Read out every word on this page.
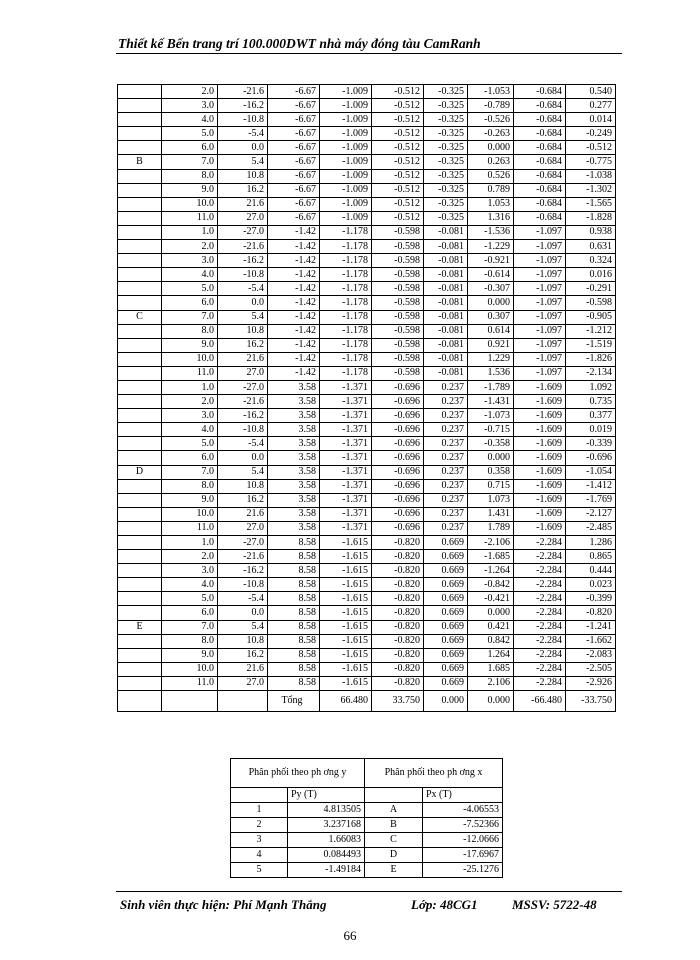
Thiết kế Bến trang trí 100.000DWT nhà máy đóng tàu CamRanh
	2.0	-21.6	-6.67	-1.009	-0.512	-0.325	-1.053	-0.684	0.540
	3.0	-16.2	-6.67	-1.009	-0.512	-0.325	-0.789	-0.684	0.277
	4.0	-10.8	-6.67	-1.009	-0.512	-0.325	-0.526	-0.684	0.014
	5.0	-5.4	-6.67	-1.009	-0.512	-0.325	-0.263	-0.684	-0.249
	6.0	0.0	-6.67	-1.009	-0.512	-0.325	0.000	-0.684	-0.512
B	7.0	5.4	-6.67	-1.009	-0.512	-0.325	0.263	-0.684	-0.775
	8.0	10.8	-6.67	-1.009	-0.512	-0.325	0.526	-0.684	-1.038
	9.0	16.2	-6.67	-1.009	-0.512	-0.325	0.789	-0.684	-1.302
	10.0	21.6	-6.67	-1.009	-0.512	-0.325	1.053	-0.684	-1.565
	11.0	27.0	-6.67	-1.009	-0.512	-0.325	1.316	-0.684	-1.828
	1.0	-27.0	-1.42	-1.178	-0.598	-0.081	-1.536	-1.097	0.938
	2.0	-21.6	-1.42	-1.178	-0.598	-0.081	-1.229	-1.097	0.631
	3.0	-16.2	-1.42	-1.178	-0.598	-0.081	-0.921	-1.097	0.324
	4.0	-10.8	-1.42	-1.178	-0.598	-0.081	-0.614	-1.097	0.016
	5.0	-5.4	-1.42	-1.178	-0.598	-0.081	-0.307	-1.097	-0.291
	6.0	0.0	-1.42	-1.178	-0.598	-0.081	0.000	-1.097	-0.598
C	7.0	5.4	-1.42	-1.178	-0.598	-0.081	0.307	-1.097	-0.905
	8.0	10.8	-1.42	-1.178	-0.598	-0.081	0.614	-1.097	-1.212
	9.0	16.2	-1.42	-1.178	-0.598	-0.081	0.921	-1.097	-1.519
	10.0	21.6	-1.42	-1.178	-0.598	-0.081	1.229	-1.097	-1.826
	11.0	27.0	-1.42	-1.178	-0.598	-0.081	1.536	-1.097	-2.134
	1.0	-27.0	3.58	-1.371	-0.696	0.237	-1.789	-1.609	1.092
	2.0	-21.6	3.58	-1.371	-0.696	0.237	-1.431	-1.609	0.735
	3.0	-16.2	3.58	-1.371	-0.696	0.237	-1.073	-1.609	0.377
	4.0	-10.8	3.58	-1.371	-0.696	0.237	-0.715	-1.609	0.019
	5.0	-5.4	3.58	-1.371	-0.696	0.237	-0.358	-1.609	-0.339
	6.0	0.0	3.58	-1.371	-0.696	0.237	0.000	-1.609	-0.696
D	7.0	5.4	3.58	-1.371	-0.696	0.237	0.358	-1.609	-1.054
	8.0	10.8	3.58	-1.371	-0.696	0.237	0.715	-1.609	-1.412
	9.0	16.2	3.58	-1.371	-0.696	0.237	1.073	-1.609	-1.769
	10.0	21.6	3.58	-1.371	-0.696	0.237	1.431	-1.609	-2.127
	11.0	27.0	3.58	-1.371	-0.696	0.237	1.789	-1.609	-2.485
	1.0	-27.0	8.58	-1.615	-0.820	0.669	-2.106	-2.284	1.286
	2.0	-21.6	8.58	-1.615	-0.820	0.669	-1.685	-2.284	0.865
	3.0	-16.2	8.58	-1.615	-0.820	0.669	-1.264	-2.284	0.444
	4.0	-10.8	8.58	-1.615	-0.820	0.669	-0.842	-2.284	0.023
	5.0	-5.4	8.58	-1.615	-0.820	0.669	-0.421	-2.284	-0.399
	6.0	0.0	8.58	-1.615	-0.820	0.669	0.000	-2.284	-0.820
E	7.0	5.4	8.58	-1.615	-0.820	0.669	0.421	-2.284	-1.241
	8.0	10.8	8.58	-1.615	-0.820	0.669	0.842	-2.284	-1.662
	9.0	16.2	8.58	-1.615	-0.820	0.669	1.264	-2.284	-2.083
	10.0	21.6	8.58	-1.615	-0.820	0.669	1.685	-2.284	-2.505
	11.0	27.0	8.58	-1.615	-0.820	0.669	2.106	-2.284	-2.926
			Tổng	66.480	33.750	0.000	0.000	-66.480	-33.750
Phân phối theo ph ơng y		Phân phối theo ph ơng x	
	Py (T)		Px (T)
1	4.813505	A	-4.06553
2	3.237168	B	-7.52366
3	1.66083	C	-12.0666
4	0.084493	D	-17.6967
5	-1.49184	E	-25.1276
Sinh viên thực hiện: Phí Mạnh Thắng	Lớp: 48CG1	MSSV: 5722-48
66
